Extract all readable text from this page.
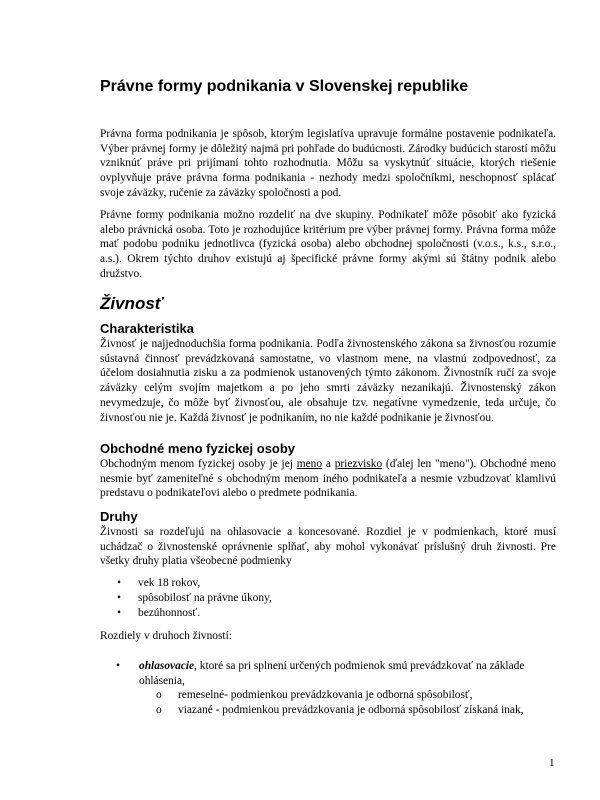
Právne formy podnikania v Slovenskej republike

Právna forma podnikania je spôsob, ktorým legislatíva upravuje formálne postavenie podnikateľa. Výber právnej formy je dôležitý najmä pri pohľade do budúcnosti. Zárodky budúcich starostí môžu vzniknúť práve pri prijímaní tohto rozhodnutia. Môžu sa vyskytnúť situácie, ktorých riešenie ovplyvňuje práve právna forma podnikania - nezhody medzi spoločníkmi, neschopnosť splácať svoje záväzky, ručenie za záväzky spoločnosti a pod.

Právne formy podnikania možno rozdeliť na dve skupiny. Podnikateľ môže pôsobiť ako fyzická alebo právnická osoba. Toto je rozhodujúce kritérium pre výber právnej formy. Právna forma môže mať podobu podniku jednotlivca (fyzická osoba) alebo obchodnej spoločnosti (v.o.s., k.s., s.r.o., a.s.). Okrem týchto druhov existujú aj špecifické právne formy akými sú štátny podnik alebo družstvo.

Živnosť
Charakteristika

Živnosť je najjednoduchšia forma podnikania. Podľa živnostenského zákona sa živnosťou rozumie sústavná činnosť prevádzkovaná samostatne, vo vlastnom mene, na vlastnú zodpovednosť, za účelom dosiahnutia zisku a za podmienok ustanovených týmto zákonom. Živnostník ručí za svoje záväzky celým svojím majetkom a po jeho smrti záväzky nezanikajú. Živnostenský zákon nevymedzuje, čo môže byť živnosťou, ale obsahuje tzv. negatívne vymedzenie, teda určuje, čo živnosťou nie je. Každá živnosť je podnikaním, no nie každé podnikanie je živnosťou.

Obchodné meno fyzickej osoby

Obchodným menom fyzickej osoby je jej meno a priezvisko (ďalej len "meno"). Obchodné meno nesmie byť zameniteľné s obchodným menom iného podnikateľa a nesmie vzbudzovať klamlivú predstavu o podnikateľovi alebo o predmete podnikania.

Druhy

Živnosti sa rozdeľujú na ohlasovacie a koncesované. Rozdiel je v podmienkach, ktoré musí uchádzač o živnostenské oprávnenie splňať, aby mohol vykonávať príslušný druh živnosti. Pre všetky druhy platia všeobecné podmienky

• vek 18 rokov,
• spôsobilosť na právne úkony,
• bezúhonnosť.

Rozdiely v druhoch živností:

• ohlasovacie, ktoré sa pri splnení určených podmienok smú prevádzkovať na základe ohlásenia,
o remeselné- podmienkou prevádzkovania je odborná spôsobilosť,
o viazané - podmienkou prevádzkovania je odborná spôsobilosť získaná inak,
1
